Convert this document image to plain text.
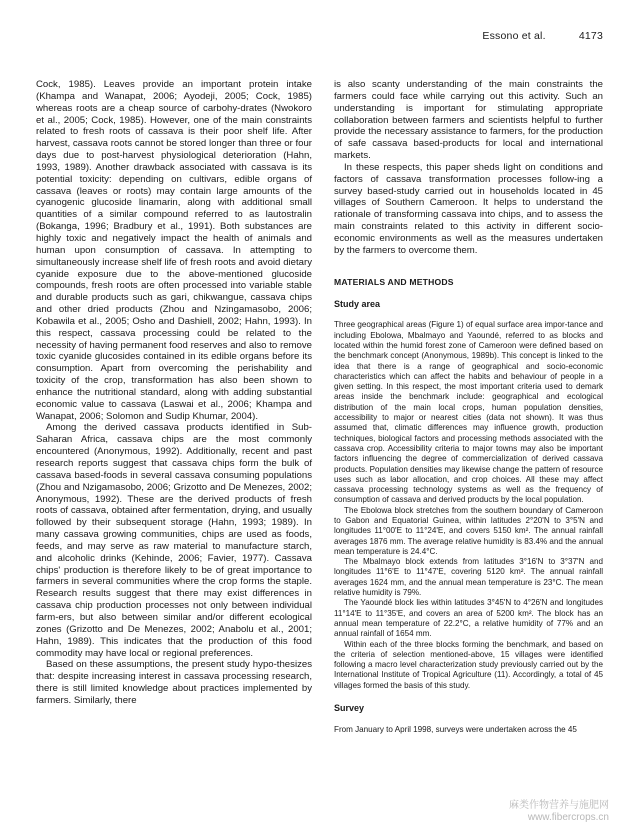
Essono et al.	4173

Cock, 1985). Leaves provide an important protein intake (Khampa and Wanapat, 2006; Ayodeji, 2005; Cock, 1985) whereas roots are a cheap source of carbohy-drates (Nwokoro et al., 2005; Cock, 1985). However, one of the main constraints related to fresh roots of cassava is their poor shelf life. After harvest, cassava roots cannot be stored longer than three or four days due to post-harvest physiological deterioration (Hahn, 1993, 1989). Another drawback associated with cassava is its potential toxicity: depending on cultivars, edible organs of cassava (leaves or roots) may contain large amounts of the cyanogenic glucoside linamarin, along with additional small quantities of a similar compound referred to as lautostralin (Bokanga, 1996; Bradbury et al., 1991). Both substances are highly toxic and negatively impact the health of animals and human upon consumption of cassava. In attempting to simultaneously increase shelf life of fresh roots and avoid dietary cyanide exposure due to the above-mentioned glucoside compounds, fresh roots are often processed into variable stable and durable products such as gari, chikwangue, cassava chips and other dried products (Zhou and Nzingamasobo, 2006; Kobawila et al., 2005; Osho and Dashiell, 2002; Hahn, 1993). In this respect, cassava processing could be related to the necessity of having permanent food reserves and also to remove toxic cyanide glucosides contained in its edible organs before its consumption. Apart from overcoming the perishability and toxicity of the crop, transformation has also been shown to enhance the nutritional standard, along with adding substantial economic value to cassava (Laswai et al., 2006; Khampa and Wanapat, 2006; Solomon and Sudip Khumar, 2004).

Among the derived cassava products identified in Sub-Saharan Africa, cassava chips are the most commonly encountered (Anonymous, 1992). Additionally, recent and past research reports suggest that cassava chips form the bulk of cassava based-foods in several cassava consuming populations (Zhou and Nzigamasobo, 2006; Grizotto and De Menezes, 2002; Anonymous, 1992). These are the derived products of fresh roots of cassava, obtained after fermentation, drying, and usually followed by their subsequent storage (Hahn, 1993; 1989). In many cassava growing communities, chips are used as foods, feeds, and may serve as raw material to manufacture starch, and alcoholic drinks (Kehinde, 2006; Favier, 1977). Cassava chips' production is therefore likely to be of great importance to farmers in several communities where the crop forms the staple. Research results suggest that there may exist differences in cassava chip production processes not only between individual farm-ers, but also between similar and/or different ecological zones (Grizotto and De Menezes, 2002; Anabolu et al., 2001; Hahn, 1989). This indicates that the production of this food commodity may have local or regional preferences.

Based on these assumptions, the present study hypo-thesizes that: despite increasing interest in cassava processing research, there is still limited knowledge about practices implemented by farmers. Similarly, there

is also scanty understanding of the main constraints the farmers could face while carrying out this activity. Such an understanding is important for stimulating appropriate collaboration between farmers and scientists helpful to further provide the necessary assistance to farmers, for the production of safe cassava based-products for local and international markets.

In these respects, this paper sheds light on conditions and factors of cassava transformation processes follow-ing a survey based-study carried out in households located in 45 villages of Southern Cameroon. It helps to understand the rationale of transforming cassava into chips, and to assess the main constraints related to this activity in different socio-economic environments as well as the measures undertaken by the farmers to overcome them.

MATERIALS AND METHODS
Study area

Three geographical areas (Figure 1) of equal surface area impor-tance and including Ebolowa, Mbalmayo and Yaoundé, referred to as blocks and located within the humid forest zone of Cameroon were defined based on the benchmark concept (Anonymous, 1989b). This concept is linked to the idea that there is a range of geographical and socio-economic characteristics which can affect the habits and behaviour of people in a given setting. In this respect, the most important criteria used to demark areas inside the benchmark include: geographical and ecological distribution of the main local crops, human population densities, accessibility to major or nearest cities (data not shown). It was thus assumed that, climatic differences may influence growth, production techniques, biological factors and processing methods associated with the cassava crop. Accessibility criteria to major towns may also be important factors influencing the degree of commercialization of derived cassava products. Population densities may likewise change the pattern of resource uses such as labor allocation, and crop choices. All these may affect cassava processing technology systems as well as the frequency of consumption of cassava and derived products by the local population.

The Ebolowa block stretches from the southern boundary of Cameroon to Gabon and Equatorial Guinea, within latitudes 2°20'N to 3°5'N and longitudes 11°00'E to 11°24'E, and covers 5150 km². The annual rainfall averages 1876 mm. The average relative humidity is 83.4% and the annual mean temperature is 24.4°C.

The Mbalmayo block extends from latitudes 3°16'N to 3°37'N and longitudes 11°6'E to 11°47'E, covering 5120 km². The annual rainfall averages 1624 mm, and the annual mean temperature is 23°C. The mean relative humidity is 79%.

The Yaoundé block lies within latitudes 3°45'N to 4°26'N and longitudes 11°14'E to 11°35'E, and covers an area of 5200 km². The block has an annual mean temperature of 22.2°C, a relative humidity of 77% and an annual rainfall of 1654 mm.

Within each of the three blocks forming the benchmark, and based on the criteria of selection mentioned-above, 15 villages were identified following a macro level characterization study previously carried out by the International Institute of Tropical Agriculture (11). Accordingly, a total of 45 villages formed the basis of this study.

Survey

From January to April 1998, surveys were undertaken across the 45

麻类作物营养与施肥网
www.fibercrops.cn
